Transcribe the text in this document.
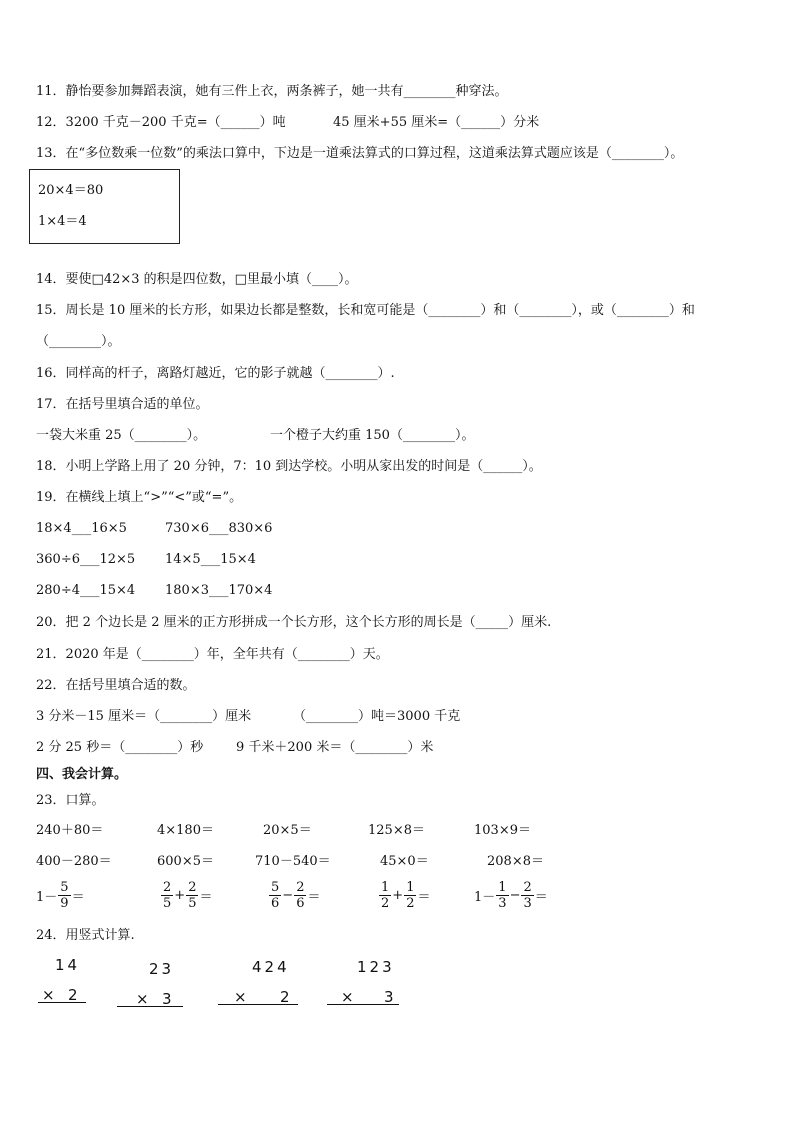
11．静怡要参加舞蹈表演，她有三件上衣，两条裤子，她一共有________种穿法。
12．3200 千克－200 千克=（______）吨	45 厘米+55 厘米=（______）分米
13．在“多位数乘一位数”的乘法口算中，下边是一道乘法算式的口算过程，这道乘法算式题应该是（________）。
20×4＝80
1×4＝4
14．要使□42×3 的积是四位数，□里最小填（____）。
15．周长是 10 厘米的长方形，如果边长都是整数，长和宽可能是（________）和（________），或（________）和
（________）。
16．同样高的杆子，离路灯越近，它的影子就越（________）.
17．在括号里填合适的单位。
一袋大米重 25（________）。	一个橙子大约重 150（________）。
18．小明上学路上用了 20 分钟，7：10 到达学校。小明从家出发的时间是（______）。
19．在横线上填上“>”“<”或“=”。
18×4___16×5	730×6___830×6
360÷6___12×5 14×5___15×4
280÷4___15×4 180×3___170×4
20．把 2 个边长是 2 厘米的正方形拼成一个长方形，这个长方形的周长是（_____）厘米.
21．2020 年是（________）年，全年共有（________）天。
22．在括号里填合适的数。
3 分米－15 厘米＝（________）厘米	（________）吨＝3000 千克
2 分 25 秒＝（________）秒	9 千米＋200 米＝（________）米
四、我会计算。
23．口算。
240＋80＝	4×180＝	20×5＝	125×8＝	103×9＝
400－280＝	600×5＝	710－540＝	45×0＝	208×8＝
$1- \frac{5}{9}$ ＝	$\frac{2}{5} + \frac{2}{5}$ ＝	$\frac{5}{6} - \frac{2}{6}$ ＝	$\frac{1}{2} + \frac{1}{2}$ ＝	$1- \frac{1}{3} - \frac{2}{3}$ ＝
24．用竖式计算.
14
× 2
23
× 3
424
× 2
123
× 3
